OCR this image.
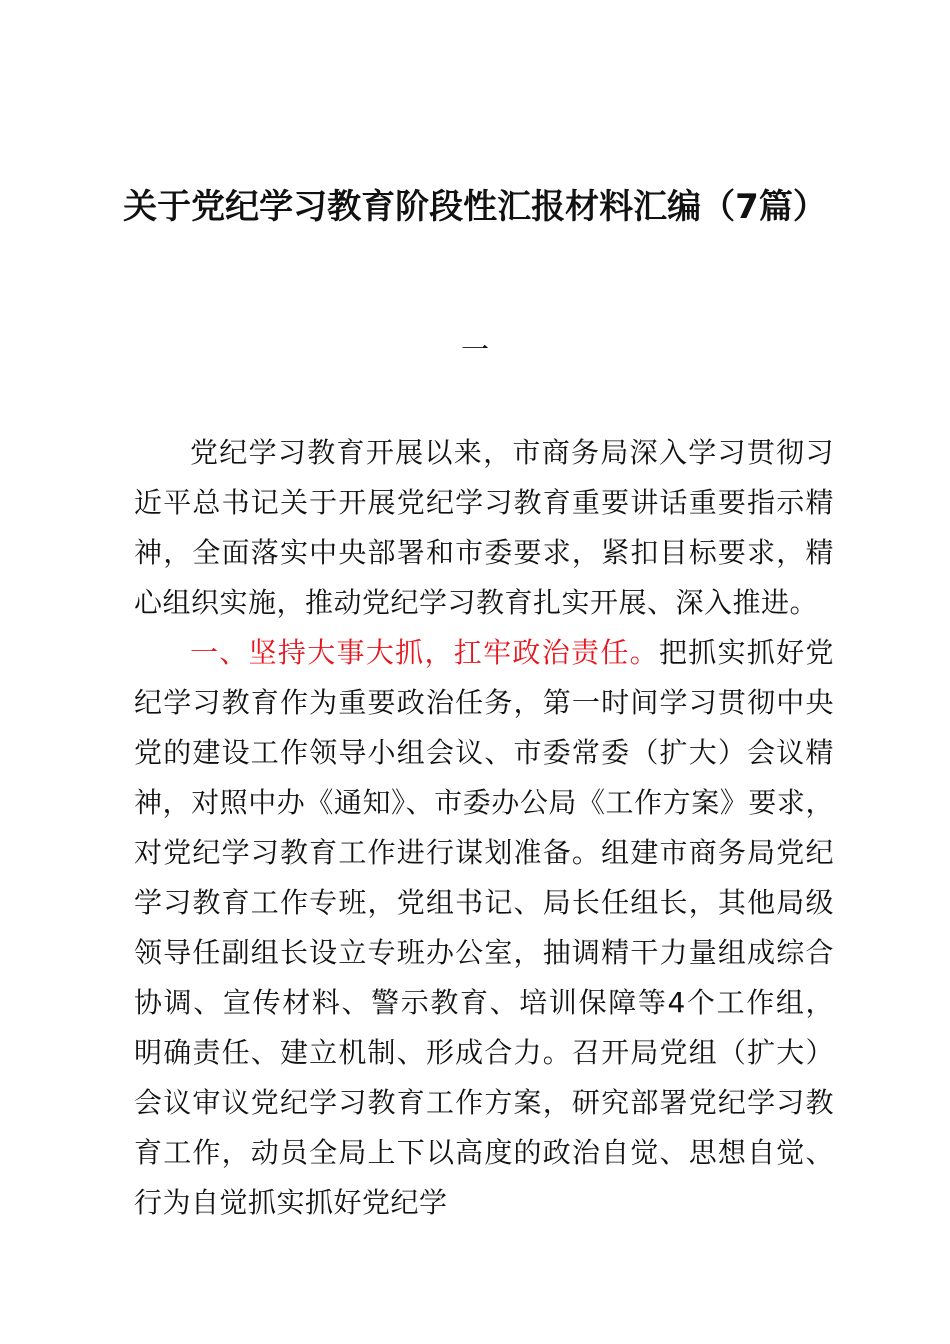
关于党纪学习教育阶段性汇报材料汇编（7篇）

一

党纪学习教育开展以来，市商务局深入学习贯彻习近平总书记关于开展党纪学习教育重要讲话重要指示精神，全面落实中央部署和市委要求，紧扣目标要求，精心组织实施，推动党纪学习教育扎实开展、深入推进。

一、坚持大事大抓，扛牢政治责任。把抓实抓好党纪学习教育作为重要政治任务，第一时间学习贯彻中央党的建设工作领导小组会议、市委常委（扩大）会议精神，对照中办《通知》、市委办公局《工作方案》要求，对党纪学习教育工作进行谋划准备。组建市商务局党纪学习教育工作专班，党组书记、局长任组长，其他局级领导任副组长设立专班办公室，抽调精干力量组成综合协调、宣传材料、警示教育、培训保障等4个工作组，明确责任、建立机制、形成合力。召开局党组（扩大）会议审议党纪学习教育工作方案，研究部署党纪学习教育工作，动员全局上下以高度的政治自觉、思想自觉、行为自觉抓实抓好党纪学
